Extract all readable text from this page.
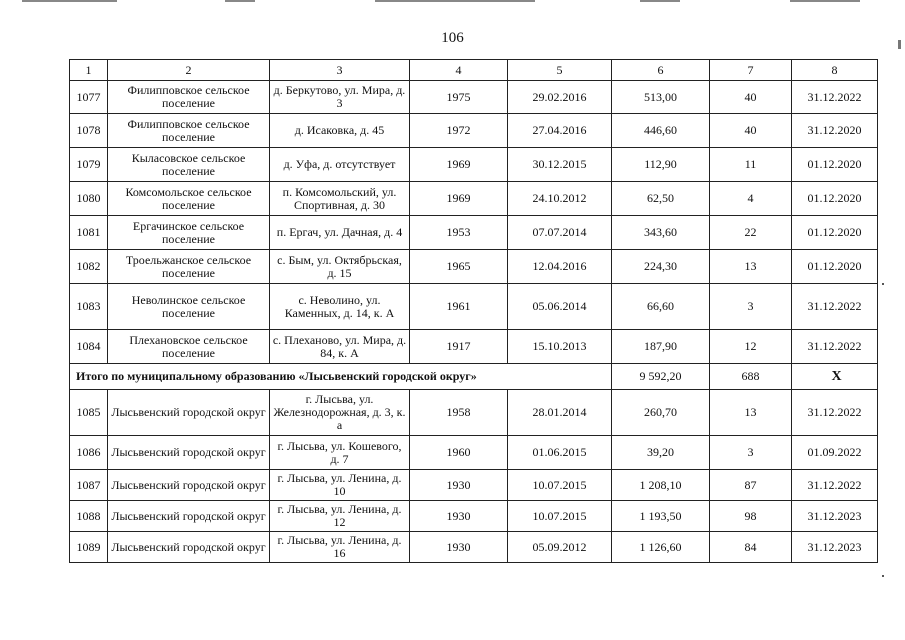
106
1	2	3	4	5	6	7	8
1077	Филипповское сельское поселение	д. Беркутово, ул. Мира, д. 3	1975	29.02.2016	513,00	40	31.12.2022
1078	Филипповское сельское поселение	д. Исаковка, д. 45	1972	27.04.2016	446,60	40	31.12.2020
1079	Кыласовское сельское поселение	д. Уфа, д. отсутствует	1969	30.12.2015	112,90	11	01.12.2020
1080	Комсомольское сельское поселение	п. Комсомольский, ул. Спортивная, д. 30	1969	24.10.2012	62,50	4	01.12.2020
1081	Ергачинское сельское поселение	п. Ергач, ул. Дачная, д. 4	1953	07.07.2014	343,60	22	01.12.2020
1082	Троельжанское сельское поселение	с. Бым, ул. Октябрьская, д. 15	1965	12.04.2016	224,30	13	01.12.2020
1083	Неволинское сельское поселение	с. Неволино, ул. Каменных, д. 14, к. А	1961	05.06.2014	66,60	3	31.12.2022
1084	Плехановское сельское поселение	с. Плеханово, ул. Мира, д. 84, к. А	1917	15.10.2013	187,90	12	31.12.2022
Итого по муниципальному образованию «Лысьвенский городской округ»					9 592,20	688	X
1085	Лысьвенский городской округ	г. Лысьва, ул. Железнодорожная, д. 3, к. а	1958	28.01.2014	260,70	13	31.12.2022
1086	Лысьвенский городской округ	г. Лысьва, ул. Кошевого, д. 7	1960	01.06.2015	39,20	3	01.09.2022
1087	Лысьвенский городской округ	г. Лысьва, ул. Ленина, д. 10	1930	10.07.2015	1 208,10	87	31.12.2022
1088	Лысьвенский городской округ	г. Лысьва, ул. Ленина, д. 12	1930	10.07.2015	1 193,50	98	31.12.2023
1089	Лысьвенский городской округ	г. Лысьва, ул. Ленина, д. 16	1930	05.09.2012	1 126,60	84	31.12.2023
